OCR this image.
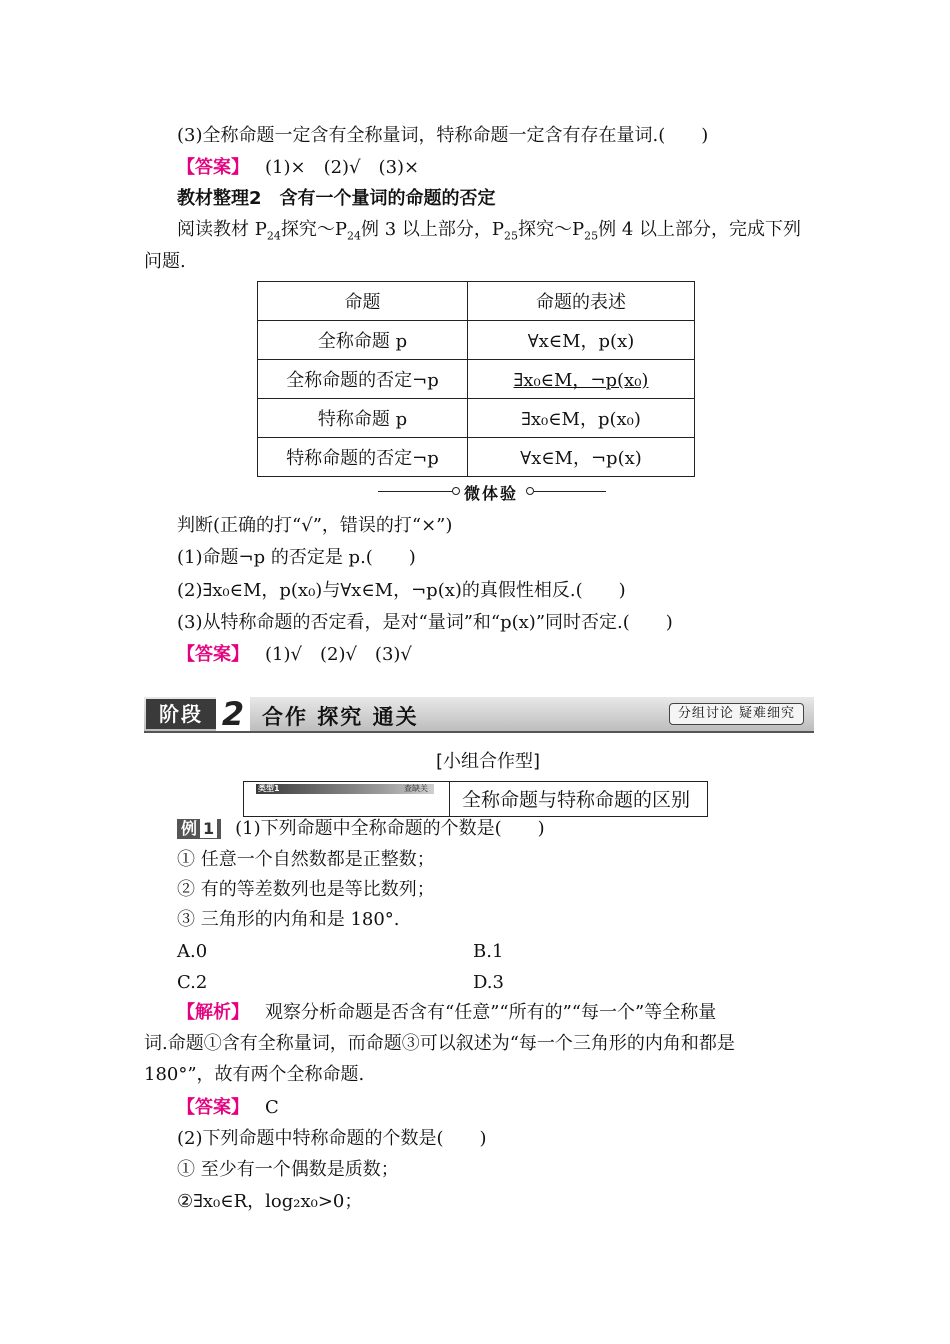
(3)全称命题一定含有全称量词，特称命题一定含有存在量词.(　　)
【答案】 (1)×　(2)√　(3)×
教材整理2　含有一个量词的命题的否定
阅读教材 $P_{24}$探究$\sim P_{24}$例 3 以上部分，$P_{25}$探究$\sim P_{25}$例 4 以上部分，完成下列
问题.
命题	命题的表述
全称命题 p	∀x∈M，p(x)
全称命题的否定¬p	∃x₀∈M，¬p(x₀)
特称命题 p	∃x₀∈M，p(x₀)
特称命题的否定¬p	∀x∈M，¬p(x)
微体验
判断(正确的打“√”，错误的打“×”)
(1)命题¬p 的否定是 p.(　　)
(2)∃x₀∈M，p(x₀)与∀x∈M，¬p(x)的真假性相反.(　　)
(3)从特称命题的否定看，是对“量词”和“p(x)”同时否定.(　　)
【答案】 (1)√　(2)√　(3)√
阶段 2 合作 探究 通关	分组讨论 疑难细究
[小组合作型]
类型1	查缺关
全称命题与特称命题的区别
例 1 (1)下列命题中全称命题的个数是(　　)
① 任意一个自然数都是正整数；
② 有的等差数列也是等比数列；
③ 三角形的内角和是 180°.
A.0	B.1
C.2	D.3
【解析】 观察分析命题是否含有“任意”“所有的”“每一个”等全称量
词.命题①含有全称量词，而命题③可以叙述为“每一个三角形的内角和都是
180°”，故有两个全称命题.
【答案】 C
(2)下列命题中特称命题的个数是(　　)
① 至少有一个偶数是质数；
②∃x₀∈R，log₂x₀>0；
